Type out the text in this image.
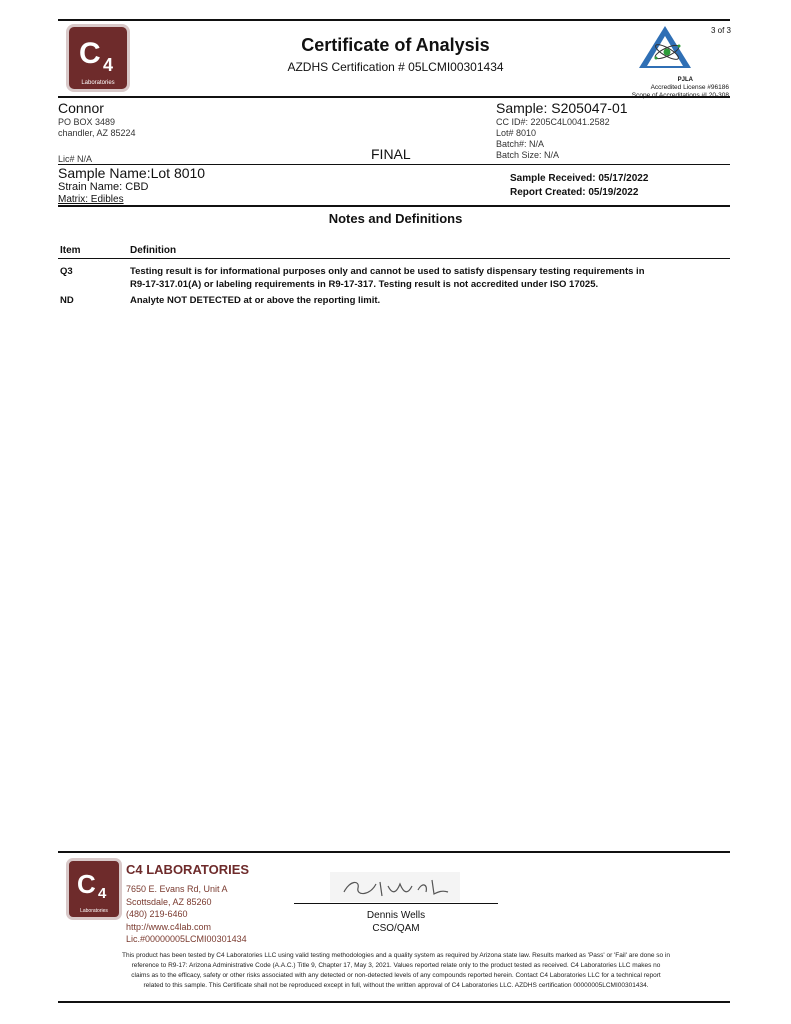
C 4
Laboratories
Certificate of Analysis
AZDHS Certification # 05LCMI00301434
3 of 3
PJLA
Accredited License #96186
Connor
PO BOX 3489
chandler, AZ 85224
Lic# N/A	FINAL
Sample: S205047-01
CC ID#: 2205C4L0041.2582
Lot# 8010
Batch#: N/A
Batch Size: N/A
Sample Name:Lot 8010
Strain Name: CBD
Matrix: Edibles
Sample Received: 05/17/2022
Report Created: 05/19/2022
Notes and Definitions
Item	Definition
Q3	Testing result is for informational purposes only and cannot be used to satisfy dispensary testing requirements in
R9-17-317.01(A) or labeling requirements in R9-17-317. Testing result is not accredited under ISO 17025.
ND	Analyte NOT DETECTED at or above the reporting limit.
C 4
Laboratories
C4 LABORATORIES
7650 E. Evans Rd, Unit A
Scottsdale, AZ 85260
(480) 219-6460
http://www.c4lab.com
Lic.#00000005LCMI00301434
Dennis Wells
CSO/QAM
This product has been tested by C4 Laboratories LLC using valid testing methodologies and a quality system as required by Arizona state law. Results marked as 'Pass' or 'Fail' are done so in
reference to R9-17: Arizona Administrative Code (A.A.C.) Title 9, Chapter 17, May 3, 2021. Values reported relate only to the product tested as received. C4 Laboratories LLC makes no
claims as to the efficacy, safety or other risks associated with any detected or non-detected levels of any compounds reported herein. Contact C4 Laboratories LLC for a technical report
related to this sample. This Certificate shall not be reproduced except in full, without the written approval of C4 Laboratories LLC. AZDHS certification 00000005LCMI00301434.
